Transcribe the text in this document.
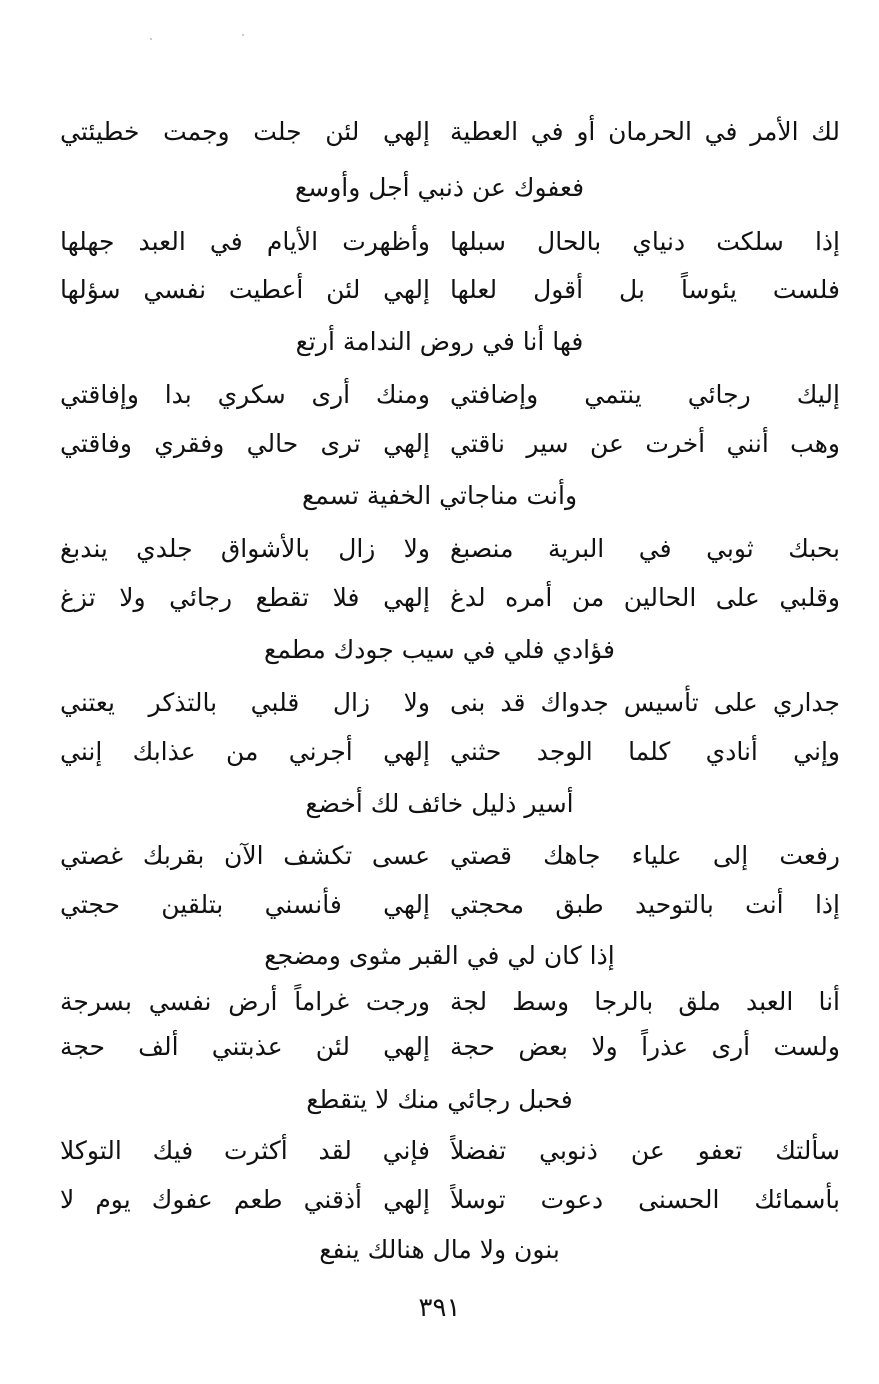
لك الأمر في الحرمان أو في العطية
إلهي لئن جلت وجمت خطيئتي
فعفوك عن ذنبي أجل وأوسع
إذا سلكت دنياي بالحال سبلها
وأظهرت الأيام في العبد جهلها
فلست يئوساً بل أقول لعلها
إلهي لئن أعطيت نفسي سؤلها
فها أنا في روض الندامة أرتع
إليك رجائي ينتمي وإضافتي
ومنك أرى سكري بدا وإفاقتي
وهب أنني أخرت عن سير ناقتي
إلهي ترى حالي وفقري وفاقتي
وأنت مناجاتي الخفية تسمع
بحبك ثوبي في البرية منصبغ
ولا زال بالأشواق جلدي يندبغ
وقلبي على الحالين من أمره لدغ
إلهي فلا تقطع رجائي ولا تزغ
فؤادي فلي في سيب جودك مطمع
جداري على تأسيس جدواك قد بنى
ولا زال قلبي بالتذكر يعتني
وإني أنادي كلما الوجد حثني
إلهي أجرني من عذابك إنني
أسير ذليل خائف لك أخضع
رفعت إلى علياء جاهك قصتي
عسى تكشف الآن بقربك غصتي
إذا أنت بالتوحيد طبق محجتي
إلهي فأنسني بتلقين حجتي
إذا كان لي في القبر مثوى ومضجع
أنا العبد ملق بالرجا وسط لجة
ورجت غراماً أرض نفسي بسرجة
ولست أرى عذراً ولا بعض حجة
إلهي لئن عذبتني ألف حجة
فحبل رجائي منك لا يتقطع
سألتك تعفو عن ذنوبي تفضلاً
فإني لقد أكثرت فيك التوكلا
بأسمائك الحسنى دعوت توسلاً
إلهي أذقني طعم عفوك يوم لا
بنون ولا مال هنالك ينفع
٣٩١
